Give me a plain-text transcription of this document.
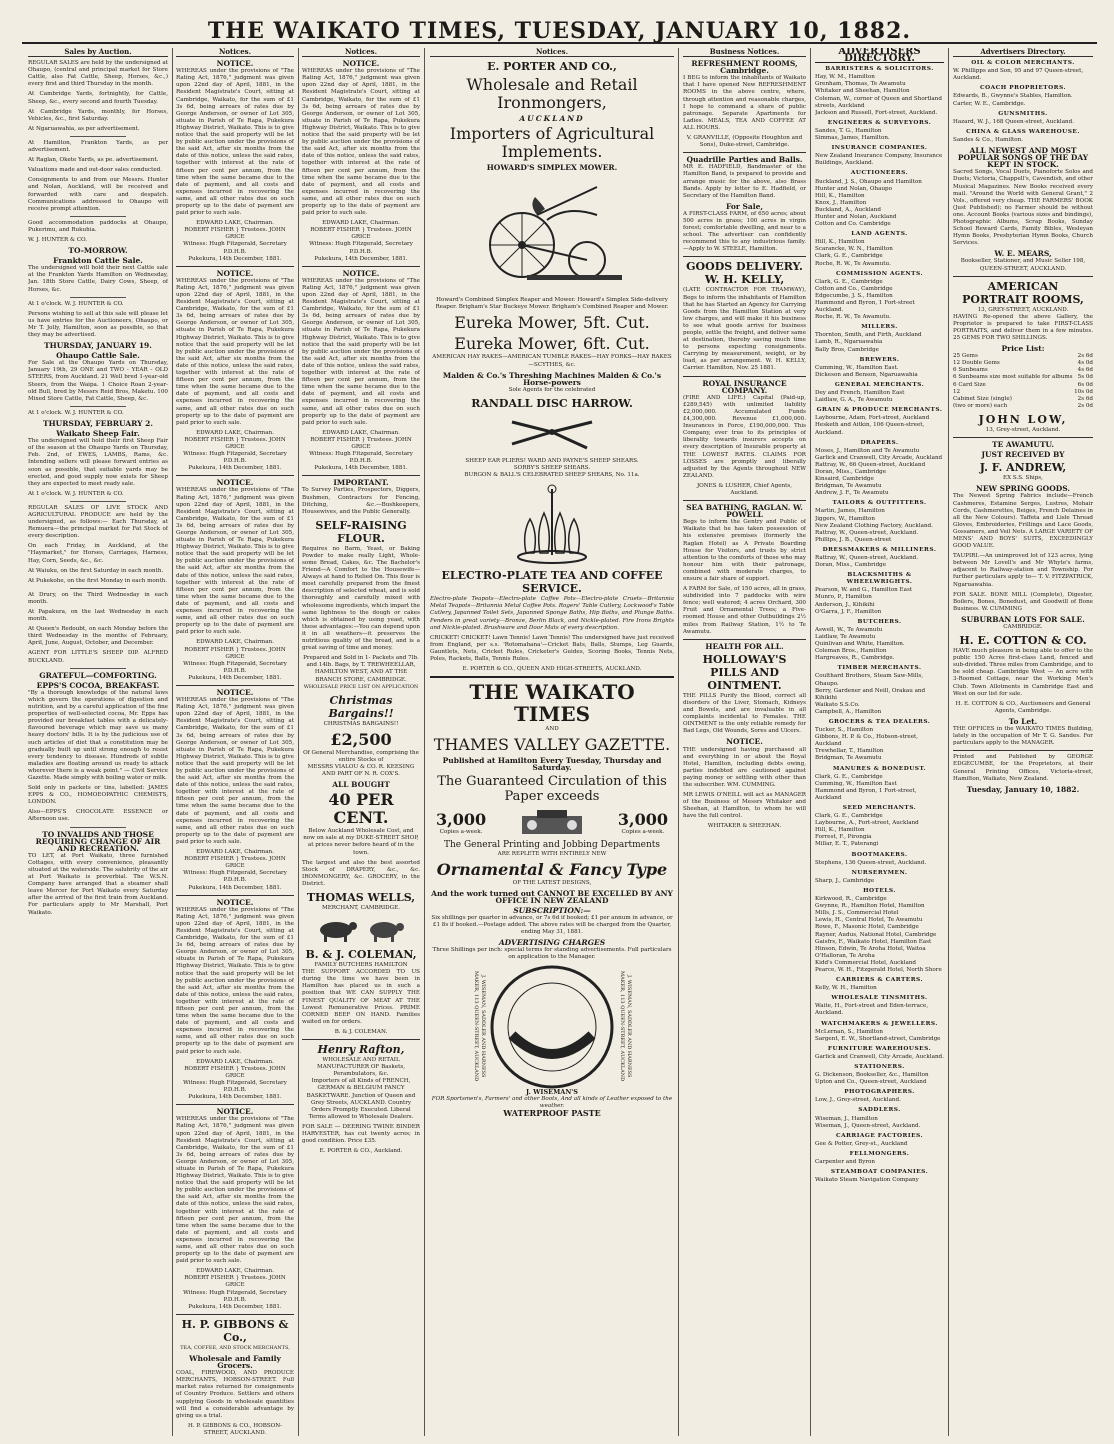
THE WAIKATO TIMES, TUESDAY, JANUARY 10, 1882.
Sales by Auction.
REGULAR SALES are held by the undersigned at Ohaupo, (central and principal market for Store Cattle, also Fat Cattle, Sheep, Horses, &c.,) every first and third Thursday in the month.
At Cambridge Yards, fortnightly, for Cattle, Sheep, &c., every second and fourth Tuesday.
At Cambridge Yards, monthly, for Horses, Vehicles, &c., first Saturday.
At Ngaruawahia, as per advertisement.
At Hamilton, Frankton Yards, as per advertisement.
At Raglan, Okete Yards, as pe. advertisement.
Valuations made and out-door sales conducted.
Consignments to and from our Messrs. Hunter and Nolan, Auckland, will be received and forwarded with care and despatch. Communications addressed to Ohaupo will receive prompt attention.
Good accommodation paddocks at Ohaupo, Pukerimu, and Rukuhia.
W. J. HUNTER & CO.
TO-MORROW.
Frankton Cattle Sale.
The undersigned will hold their next Cattle sale at the Frankton Yards Hamilton on Wednesday, Jan. 18th Store Cattle, Dairy Cows, Sheep, of Horses, &c.
At 1 o'clock. W. J. HUNTER & CO.
Persons wishing to sell at this sale will please let us have entries for the Auctioneers, Ohaupo, or Mr T. Jolly, Hamilton, soon as possible, so that they may be advertised.
THURSDAY, JANUARY 19.
Ohaupo Cattle Sale.
For Sale at the Ohaupo Yards on Thursday, January 19th, 29 ONE and TWO - YEAR - OLD STEERS, from Auckland. 21 Well bred 1-year-old Steers, from the Waipa. 1 Choice Roan 2-year-old Bull, bred by Messrs Reid Bros, Maketu. 100 Mixed Store Cattle, Fat Cattle, Sheep, &c.
At 1 o'clock. W. J. HUNTER & CO.
THURSDAY, FEBRUARY 2.
Waikato Sheep Fair.
The undersigned will hold their first Sheep Fair of the season at the Ohaupo Yards on Thursday, Feb. 2nd, of EWES, LAMBS, Rams, &c. Intending sellers will please forward entries as soon as possible, that suitable yards may be erected, and good supply now exists for Sheep they are expected to meet ready sale.
At 1 o'clock. W. J. HUNTER & CO.
REGULAR SALES OF LIVE STOCK AND AGRICULTURAL PRODUCE are held by the undersigned, as follows:— Each Thursday, at Remuera—the principal market for Fat Stock of every description.
On each Friday, in Auckland, at the "Haymarket," for Horses, Carriages, Harness, Hay, Corn, Seeds, &c., &c.
At Waiuku, on the first Saturday in each month.
At Pukekohe, on the first Monday in each month.
At Drury, on the Third Wednesday in each month.
At Papakura, on the last Wednesday in each month.
At Queen's Redoubt, on each Monday before the third Wednesday in the months of February, April, June, August, October, and December.
AGENT FOR LITTLE'S SHEEP DIP. ALFRED BUCKLAND.
GRATEFUL—COMFORTING.
EPPS'S COCOA, BREAKFAST.
"By a thorough knowledge of the natural laws which govern the operations of digestion and nutrition, and by a careful application of the fine properties of well-selected cocoa, Mr. Epps has provided our breakfast tables with a delicately-flavoured beverage which may save us many heavy doctors' bills. It is by the judicious use of such articles of diet that a constitution may be gradually built up until strong enough to resist every tendency to disease. Hundreds of subtle maladies are floating around us ready to attack wherever there is a weak point." — Civil Service Gazette. Made simply with boiling water or milk.
Sold only in packets or tins, labelled: JAMES EPPS & CO., HOMOEOPATHIC CHEMISTS, LONDON.
Also—EPPS'S CHOCOLATE ESSENCE or Afternoon use.
TO INVALIDS AND THOSE REQUIRING CHANGE OF AIR AND RECREATION.
TO LET, at Port Waikato, three furnished Cottages, with every convenience, pleasantly situated at the waterside. The salubrity of the air at Port Waikato is proverbial. The W.S.N. Company have arranged that a steamer shall leave Mercer for Port Waikato every Saturday after the arrival of the first train from Auckland. For particulars apply to Mr Marshall, Port Waikato.
Notices.
NOTICE.
WHEREAS under the provisions of "The Rating Act, 1876," judgment was given upon 22nd day of April, 1881, in the Resident Magistrate's Court, sitting at Cambridge, Waikato, for the sum of £1 3s 6d, being arrears of rates due by George Anderson, or owner of Lot 305, situate in Parish of Te Rapa, Pukekura Highway District, Waikato. This is to give notice that the said property will be let by public auction under the provisions of the said Act, after six months from the date of this notice, unless the said rates, together with interest at the rate of fifteen per cent per annum, from the time when the same became due to the date of payment, and all costs and expenses incurred in recovering the same, and all other rates due on such property up to the date of payment are paid prior to such sale.
EDWARD LAKE, Chairman.
ROBERT FISHER } Trustees. JOHN GRICE
Witness: Hugh Fitzgerald, Secretary P.D.H.B.
Pukekura, 14th December, 1881.
NOTICE.
WHEREAS under the provisions of "The Rating Act, 1876," judgment was given upon 22nd day of April, 1881, in the Resident Magistrate's Court, sitting at Cambridge, Waikato, for the sum of £1 3s 6d, being arrears of rates due by George Anderson, or owner of Lot 305, situate in Parish of Te Rapa, Pukekura Highway District, Waikato. This is to give notice that the said property will be let by public auction under the provisions of the said Act, after six months from the date of this notice, unless the said rates, together with interest at the rate of fifteen per cent per annum, from the time when the same became due to the date of payment, and all costs and expenses incurred in recovering the same, and all other rates due on such property up to the date of payment are paid prior to such sale.
EDWARD LAKE, Chairman.
ROBERT FISHER } Trustees. JOHN GRICE
Witness: Hugh Fitzgerald, Secretary P.D.H.B.
Pukekura, 14th December, 1881.
NOTICE.
WHEREAS under the provisions of "The Rating Act, 1876," judgment was given upon 22nd day of April, 1881, in the Resident Magistrate's Court, sitting at Cambridge, Waikato, for the sum of £1 3s 6d, being arrears of rates due by George Anderson, or owner of Lot 305, situate in Parish of Te Rapa, Pukekura Highway District, Waikato. This is to give notice that the said property will be let by public auction under the provisions of the said Act, after six months from the date of this notice, unless the said rates, together with interest at the rate of fifteen per cent per annum, from the time when the same became due to the date of payment, and all costs and expenses incurred in recovering the same, and all other rates due on such property up to the date of payment are paid prior to such sale.
EDWARD LAKE, Chairman.
ROBERT FISHER } Trustees. JOHN GRICE
Witness: Hugh Fitzgerald, Secretary P.D.H.B.
Pukekura, 14th December, 1881.
NOTICE.
WHEREAS under the provisions of "The Rating Act, 1876," judgment was given upon 22nd day of April, 1881, in the Resident Magistrate's Court, sitting at Cambridge, Waikato, for the sum of £1 3s 6d, being arrears of rates due by George Anderson, or owner of Lot 305, situate in Parish of Te Rapa, Pukekura Highway District, Waikato. This is to give notice that the said property will be let by public auction under the provisions of the said Act, after six months from the date of this notice, unless the said rates, together with interest at the rate of fifteen per cent per annum, from the time when the same became due to the date of payment, and all costs and expenses incurred in recovering the same, and all other rates due on such property up to the date of payment are paid prior to such sale.
EDWARD LAKE, Chairman.
ROBERT FISHER } Trustees. JOHN GRICE
Witness: Hugh Fitzgerald, Secretary P.D.H.B.
Pukekura, 14th December, 1881.
NOTICE.
WHEREAS under the provisions of "The Rating Act, 1876," judgment was given upon 22nd day of April, 1881, in the Resident Magistrate's Court, sitting at Cambridge, Waikato, for the sum of £1 3s 6d, being arrears of rates due by George Anderson, or owner of Lot 305, situate in Parish of Te Rapa, Pukekura Highway District, Waikato. This is to give notice that the said property will be let by public auction under the provisions of the said Act, after six months from the date of this notice, unless the said rates, together with interest at the rate of fifteen per cent per annum, from the time when the same became due to the date of payment, and all costs and expenses incurred in recovering the same, and all other rates due on such property up to the date of payment are paid prior to such sale.
EDWARD LAKE, Chairman.
ROBERT FISHER } Trustees. JOHN GRICE
Witness: Hugh Fitzgerald, Secretary P.D.H.B.
Pukekura, 14th December, 1881.
NOTICE.
WHEREAS under the provisions of "The Rating Act, 1876," judgment was given upon 22nd day of April, 1881, in the Resident Magistrate's Court, sitting at Cambridge, Waikato, for the sum of £1 3s 6d, being arrears of rates due by George Anderson, or owner of Lot 305, situate in Parish of Te Rapa, Pukekura Highway District, Waikato. This is to give notice that the said property will be let by public auction under the provisions of the said Act, after six months from the date of this notice, unless the said rates, together with interest at the rate of fifteen per cent per annum, from the time when the same became due to the date of payment, and all costs and expenses incurred in recovering the same, and all other rates due on such property up to the date of payment are paid prior to such sale.
EDWARD LAKE, Chairman.
ROBERT FISHER } Trustees. JOHN GRICE
Witness: Hugh Fitzgerald, Secretary P.D.H.B.
Pukekura, 14th December, 1881.
H. P. GIBBONS & Co.,
TEA, COFFEE, AND STOCK MERCHANTS,
Wholesale and Family Grocers.
COAL, FIREWOOD, AND PRODUCE MERCHANTS, HOBSON-STREET. Full market rates returned for consignments of Country Produce. Settlers and others supplying Goods in wholesale quantities will find a considerable advantage by giving us a trial.
H. P. GIBBONS & CO., HOBSON-STREET, AUCKLAND.
Notices.
NOTICE.
WHEREAS under the provisions of "The Rating Act, 1876," judgment was given upon 22nd day of April, 1881, in the Resident Magistrate's Court, sitting at Cambridge, Waikato, for the sum of £1 3s 6d, being arrears of rates due by George Anderson, or owner of Lot 305, situate in Parish of Te Rapa, Pukekura Highway District, Waikato. This is to give notice that the said property will be let by public auction under the provisions of the said Act, after six months from the date of this notice, unless the said rates, together with interest at the rate of fifteen per cent per annum, from the time when the same became due to the date of payment, and all costs and expenses incurred in recovering the same, and all other rates due on such property up to the date of payment are paid prior to such sale.
EDWARD LAKE, Chairman.
ROBERT FISHER } Trustees. JOHN GRICE
Witness: Hugh Fitzgerald, Secretary P.D.H.B.
Pukekura, 14th December, 1881.
NOTICE.
WHEREAS under the provisions of "The Rating Act, 1876," judgment was given upon 22nd day of April, 1881, in the Resident Magistrate's Court, sitting at Cambridge, Waikato, for the sum of £1 3s 6d, being arrears of rates due by George Anderson, or owner of Lot 305, situate in Parish of Te Rapa, Pukekura Highway District, Waikato. This is to give notice that the said property will be let by public auction under the provisions of the said Act, after six months from the date of this notice, unless the said rates, together with interest at the rate of fifteen per cent per annum, from the time when the same became due to the date of payment, and all costs and expenses incurred in recovering the same, and all other rates due on such property up to the date of payment are paid prior to such sale.
EDWARD LAKE, Chairman.
ROBERT FISHER } Trustees. JOHN GRICE
Witness: Hugh Fitzgerald, Secretary P.D.H.B.
Pukekura, 14th December, 1881.
IMPORTANT.
To Survey Parties, Prospectors, Diggers, Bushmen, Contractors for Fencing, Ditching, &c.—Bushkeepers, Housewives, and the Public Generally.
SELF-RAISING FLOUR.
Requires no Barm, Yeast, or Baking Powder to make really Light, Whole-some Bread, Cakes, &c. The Bachelor's Friend—A Comfort to the Housewife—Always at hand to Relied On. This flour is most carefully prepared from the finest description of selected wheat, and is sold thoroughly and carefully mixed with wholesome ingredients, which impart the same lightness to the dough or cakes which is obtained by using yeast, with these advantages:—You can depend upon it in all weathers—it preserves the nutritious quality of the bread, and is a great saving of time and money.
Prepared and Sold in 1- Packets and 7lb. and 14lb. Bags, by T. TREWHEELLAR, HAMILTON WEST, AND AT THE BRANCH STORE, CAMBRIDGE.
WHOLESALE PRICE LIST ON APPLICATION
Christmas Bargains!!
CHRISTMAS BARGAINS!!
£2,500
Of General Merchandise, comprising the entire Stocks of
MESSRS VIALOU & CO. R. KEESING AND PART OF N. R. COX'S.
ALL BOUGHT
40 PER CENT.
Below Auckland Wholesale Cost, and now on sale at my DUKE-STREET SHOP, at prices never before heard of in the town.
The largest and also the best assorted Stock of DRAPERY, &c., &c. IRONMONGERY, &c. GROCERY, in the District.
THOMAS WELLS,
MERCHANT, CAMBRIDGE.
B. & J. COLEMAN,
FAMILY BUTCHERS HAMILTON
THE SUPPORT ACCORDED TO US during the time we have been in Hamilton has placed us in such a position that WE CAN SUPPLY THE FINEST QUALITY OF MEAT AT THE Lowest Remunerative Prices. PRIME CORNED BEEF ON HAND. Families waited on for orders.
B. & J. COLEMAN.
Henry Rafton,
WHOLESALE AND RETAIL MANUFACTURER OF Baskets, Perambulators, &c.
Importers of all Kinds of FRENCH, GERMAN & BELGIUM FANCY BASKETWARE. Junction of Queen and Grey Streets, AUCKLAND. Country Orders Promptly Executed. Liberal Terms allowed to Wholesale Dealers.
FOR SALE — DEERING TWINE BINDER HARVESTER, has cut twenty acres; in good condition. Price £35.
E. PORTER & CO., Auckland.
Notices.
E. PORTER AND CO.,
Wholesale and Retail Ironmongers,
AUCKLAND
Importers of Agricultural Implements.
HOWARD'S SIMPLEX MOWER.
Howard's Combined Simplex Reaper and Mower. Howard's Simplex Side-delivery Reaper. Brigham's Star Buckeye Mower. Brigham's Combined Reaper and Mower.
Eureka Mower, 5ft. Cut.
Eureka Mower, 6ft. Cut.
AMERICAN HAY RAKES—AMERICAN TUMBLE RAKES—HAY FORKS—HAY RAKES—SCYTHES, &c.
Malden & Co.'s Threshing Machines Malden & Co.'s Horse-powers
Sole Agents for the celebrated
RANDALL DISC HARROW.
SHEEP EAR PLIERS! WARD AND PAYNE'S SHEEP SHEARS.
SORBY'S SHEEP SHEARS.
BURGON & BALL'S CELEBRATED SHEEP SHEARS, No. 11a.
ELECTRO-PLATE TEA AND COFFEE SERVICE.
Electro-plate Teapots—Electro-plate Coffee Pots—Electro-plate Cruets—Britannia Metal Teapots—Britannia Metal Coffee Pots. Rogers' Table Cutlery, Lockwood's Table Cutlery, Japanned Toilet Sets, Japanned Sponge Baths, Hip Baths, and Plunge Baths. Fenders in great variety—Bronze, Berlin Black, and Nickle-plated. Fire Irons Brights and Nickle-plated. Brushware and Door Mats of every description.
CRICKET! CRICKET! Lawn Tennis! Lawn Tennis! The undersigned have just received from England, per s.s. 'Rotomahana'—Cricket Bats, Balls, Stumps, Leg Guards, Gauntlets, Nets, Cricket Rules, Cricketer's Guides, Scoring Books, Tennis Nets, Poles, Rackets, Balls, Tennis Rules.
E. PORTER & CO., QUEEN AND HIGH-STREETS, AUCKLAND.
THE WAIKATO TIMES
AND
THAMES VALLEY GAZETTE.
Published at Hamilton Every Tuesday, Thursday and Saturday.
The Guaranteed Circulation of this Paper exceeds
3,000
Copies a-week.
3,000
Copies a-week.
The General Printing and Jobbing Departments
ARE REPLETE WITH ENTIRELY NEW
Ornamental & Fancy Type
OF THE LATEST DESIGNS,
And the work turned out CANNOT BE EXCELLED BY ANY OFFICE IN NEW ZEALAND
SUBSCRIPTION:—
Six shillings per quarter in advance, or 7s 6d if booked; £1 per annum in advance, or £1 8s if booked.—Postage added. The above rates will be charged from the Quarter, ending May 31, 1881.
ADVERTISING CHARGES
Three Shillings per inch: special terms for standing advertisements. Full particulars on application to the Manager.
J. WISEMAN, SADDLER AND HARNESS MAKER, 113 QUEEN-STREET, AUCKLAND	J. WISEMAN, SADDLER AND HARNESS MAKER, 113 QUEEN-STREET, AUCKLAND
J. WISEMAN'S
FOR Sportsmen's, Farmers' and other Boots, And all kinds of Leather exposed to the weather.
WATERPROOF PASTE
Business Notices.
REFRESHMENT ROOMS, Cambridge.
I BEG to inform the inhabitants of Waikato that I have opened New REFRESHMENT ROOMS in the above centre, where, through attention and reasonable charges, I hope to command a share of public patronage. Separate Apartments for Ladies. MEALS, TEA AND COFFEE AT ALL HOURS.
V. GRANVILLE, (Opposite Houghton and Sons), Duke-street, Cambridge.
Quadrille Parties and Balls.
MR E. HADFIELD, Bandmaster of the Hamilton Band, is prepared to provide and arrange music for the above, also Brass Bands. Apply by letter to E. Hadfield, or Secretary of the Hamilton Band.
For Sale,
A FIRST-CLASS FARM, of 650 acres; about 500 acres in grass; 100 acres in virgin forest; comfortable dwelling, and near to a school. The advertiser can confidently recommend this to any industrious family.—Apply to W. STEELE, Hamilton.
GOODS DELIVERY. W. H. KELLY,
(LATE CONTRACTOR FOR TRAMWAY), Begs to inform the inhabitants of Hamilton that he has Started an Agency for Carrying Goods from the Hamilton Station at very low charges, and will make it his business to see what goods arrive for business people, settle the freight, and deliver same at destination, thereby saving much time to persons expecting consignments. Carrying by measurement, weight, or by load, as per arrangement. W. H. KELLY, Carrier. Hamilton, Nov. 25 1881.
ROYAL INSURANCE COMPANY.
(FIRE AND LIFE.) Capital (Paid-up, £289,545) with unlimited liability £2,000,000. Accumulated Funds £4,300,000. Revenue £1,000,000. Insurances in Force, £190,000,000. This Company, ever true to its principles of liberality towards insurers accepts on every description of Insurable property at THE LOWEST RATES. CLAIMS FOR LOSSES are promptly and liberally adjusted by the Agents throughout NEW ZEALAND.
JONES & LUSHER, Chief Agents, Auckland.
SEA BATHING, RAGLAN. W. POWELL
Begs to inform the Gentry and Public of Waikato that he has taken possession of his extensive premises (formerly the Raglan Hotel) as A Private Boarding House for Visitors, and trusts by strict attention to the comforts of those who may honour him with their patronage, combined with moderate charges, to ensure a fair share of support.
A FARM for Sale, of 150 acres, all in grass, subdivided into 7 paddocks with wire fence; well watered; 4 acres Orchard, 300 Fruit and Ornamental Trees; a Five-roomed House and other Outbuildings 2½ miles from Railway Station, 1½ to Te Awamutu.
HEALTH FOR ALL.
HOLLOWAY'S PILLS AND OINTMENT.
THE PILLS Purify the Blood, correct all disorders of the Liver, Stomach, Kidneys and Bowels, and are invaluable in all complaints incidental to Females. THE OINTMENT is the only reliable remedy for Bad Legs, Old Wounds, Sores and Ulcers.
NOTICE.
THE undersigned having purchased all and everything in or about the Royal Hotel, Hamilton, including debts owing, parties indebted are cautioned against paying money or settling with other than the subscriber. WM. CUMMING.
MR LEWIS O'NEILL will act as MANAGER of the Business of Messrs Whitaker and Sheehan, at Hamilton, to whom he will have the full control.
WHITAKER & SHEEHAN.
ADVERTISERS DIRECTORY.
BARRISTERS & SOLICITORS.
Hay, W. M., Hamilton
Grenham, Thomas, Te Awamutu
Whitaker and Sheehan, Hamilton
Coleman, W., corner of Queen and Shortland streets, Auckland
Jackson and Russell, Fort-street, Auckland.
ENGINEERS & SURVEYORS.
Sandes, T. G., Hamilton
Simmas, James, Hamilton.
INSURANCE COMPANIES.
New Zealand Insurance Company, Insurance Buildings, Auckland.
AUCTIONEERS.
Buckland, J. S., Ohaupo and Hamilton
Hunter and Nolan, Ohaupo
Hill, K., Hamilton
Knox, J., Hamilton
Buckland, A., Auckland
Hunter and Nolan, Auckland
Cotton and Co. Cambridge
LAND AGENTS.
Hill, K., Hamilton
Scarancke, W. N., Hamilton
Clark, G. E., Cambridge
Roche, R. W., Te Awamutu.
COMMISSION AGENTS.
Clark, G. E., Cambridge
Cotton and Co., Cambridge
Edgecumbe, J. S., Hamilton
Hammond and Byron, 1 Fort-street Auckland.
Roche, R. W., Te Awamutu.
MILLERS.
Thornton, Smith, and Firth, Auckland
Lamb, R., Ngaruawahia
Bally Bros, Cambridge
BREWERS.
Cumming, W., Hamilton East.
Dickeson and Benson, Ngaruawahia
GENERAL MERCHANTS.
Dey and French, Hamilton East
Laidlaw, G. A., Te Awamutu
GRAIN & PRODUCE MERCHANTS.
Laybourne, Adam, Fort-street, Auckland
Hesketh and Aitkin, 106 Queen-street, Auckland.
DRAPERS.
Moses, J., Hamilton and Te Awamutu
Garlick and Cranwell, City Arcade, Auckland
Rattray, W., 66 Queen-street, Auckland
Doran, Miss., Cambridge
Kinsaird, Cambridge
Bridgman, Te Awamutu
Andrew, J. F., Te Awamutu
TAILORS & OUTFITTERS.
Martin, James, Hamilton
Jiggers, W., Hamilton
New Zealand Clothing Factory, Auckland.
Rattray, W., Queen-street, Auckland.
Phillips, J. B., Queen-street
DRESSMAKERS & MILLINERS.
Rattray, W., Queen-street, Auckland.
Doran, Miss., Cambridge
BLACKSMITHS & WHEELWRIGHTS.
Pearson, W. and G., Hamilton East
Munro, P., Hamilton
Anderson, J., Kihikihi
O'Garra, J. F., Hamilton
BUTCHERS.
Aswell, W., Te Awamutu
Laidlaw, Te Awamutu
Quinlivan and White, Hamilton.
Coleman Bros., Hamilton
Hargreaves, R., Cambridge.
TIMBER MERCHANTS.
Coulthard Brothers, Steam Saw-Mills, Ohaupo.
Berry, Gardener and Neill, Orakau and Kihikihi
Waikato S.S.Co.
Campbell, A., Hamilton
GROCERS & TEA DEALERS.
Tucker, S., Hamilton
Gibbons, H. P. & Co., Hobson-street, Auckland
Trewhellar, T., Hamilton
Bridgman, Te Awamutu
MANURES & BONEDUST.
Clark, G. E., Cambridge
Cumming, W., Hamilton East
Hammond and Byron, 1 Fort-street, Auckland
SEED MERCHANTS.
Clark, G. E., Cambridge
Laybourne, A., Fort-street, Auckland
Hill, K., Hamilton
Forrest, F., Pirongia
Millar, E. T., Paterangi
BOOTMAKERS.
Stephens, 136 Queen-street, Auckland.
NURSERYMEN.
Sharp, J., Cambridge
HOTELS.
Kirkwood, R., Cambridge
Gwynne, R., Hamilton Hotel, Hamilton
Mills, J. S., Commercial Hotel
Lewis, H., Central Hotel, Te Awamutu
Rowe, F., Masonic Hotel, Cambridge
Rayner, Audus, National Hotel, Cambridge
Gaisfrs, F., Waikato Hotel, Hamilton East
Hinson, Edwin, Te Aroha Hotel, Waitoa
O'Halloran, Te Aroha
Kidd's Commercial Hotel, Auckland
Pearce, W. H., Fitzgerald Hotel, North Shore
CARRIERS & CARTERS.
Kelly, W. H., Hamilton
WHOLESALE TINSMITHS.
Waite, H., Fort-street and Eden-terrace, Auckland.
WATCHMAKERS & JEWELLERS.
McLernan, S., Hamilton
Sargent, E. W., Shortland-street, Cambridge
FURNITURE WAREHOUSES.
Garlick and Cranwell, City Arcade, Auckland.
STATIONERS.
G. Dickenson, Bookseller, &c., Hamilton
Upton and Co., Queen-street, Auckland
PHOTOGRAPHERS.
Low, J., Grey-street, Auckland.
SADDLERS.
Wiseman, J., Hamilton
Wiseman, J., Queen-street, Auckland.
CARRIAGE FACTORIES.
Gee & Potter, Grey-st., Auckland
FELLMONGERS.
Carpenter and Byron
STEAMBOAT COMPANIES.
Waikato Steam Navigation Company
Advertisers Directory.
OIL & COLOR MERCHANTS.
W. Phillipps and Son, 95 and 97 Queen-street, Auckland.
COACH PROPRIETORS.
Edwards, B., Gwynne's Stables, Hamilton.
Carter, W. E., Cambridge.
GUNSMITHS.
Hazard, W. J., 168 Queen-street, Auckland.
CHINA & GLASS WAREHOUSE.
Sandes & Co., Hamilton.
ALL NEWEST AND MOST POPULAR SONGS OF THE DAY KEPT IN STOCK.
Sacred Songs, Vocal Duets, Pianoforte Solos and Duets; Victoria, Chappell's, Cavendish, and other Musical Magazines. New Books received every mail. "Around the World with General Grant," 2 Vols., offered very cheap. THE FARMERS' BOOK (Just Published); no Farmer should be without one. Account Books (various sizes and bindings), Photographic Albums, Scrap Books, Sunday School Reward Cards, Family Bibles, Wesleyan Hymn Books, Presbyterian Hymn Books, Church Services.
W. E. MEARS,
Bookseller, Stationer, and Music Seller 198, QUEEN-STREET, AUCKLAND.
AMERICAN PORTRAIT ROOMS,
13, GREY-STREET, AUCKLAND.
HAVING Re-opened the above Gallery, the Proprietor is prepared to take FIRST-CLASS PORTRAITS, and deliver them in a few minutes. 25 GEMS FOR TWO SHILLINGS.
Price List:
25 Gems	2s 6d
12 Double Gems	4s 0d
6 Sunbeams	4s 6d
6 Sunbeams size most suitable for albums 5s 0d
6 Card Size	6s 0d
12	10s 0d
Cabinet Size (single)	2s 6d
(two or more) each	2s 0d
JOHN LOW,
13, Grey-street, Auckland.
TE AWAMUTU.
JUST RECEIVED BY
J. F. ANDREW,
EX S.S. Ships,
NEW SPRING GOODS.
The Newest Spring Fabrics include—French Cashmeres, Estamine Serges, Lustres, Mohair Cords, Cashmerettes, Beiges, French Delaines in all the New Colours). Taffeta and Lisle Thread Gloves, Embroideries, Frillings and Lace Goods, Gossamers, and Veil Nets. A LARGE VARIETY OF MENS' AND BOYS' SUITS, EXCEEDINGLY GOOD VALUE.
TAUPIRI.—An unimproved lot of 123 acres, lying between Mr Lovell's and Mr Whyte's farms, adjacent to Railway-station and Township. For further particulars apply to— T. V. FITZPATRICK, Ngaruawahia.
FOR SALE. BONE MILL (Complete), Digester, Boilers, Bones, Bonedust, and Goodwill of Bone Business. W. CUMMING
SUBURBAN LOTS FOR SALE.
CAMBRIDGE.
H. E. COTTON & CO.
HAVE much pleasure in being able to offer to the public 150 Acres first-class Land, fenced and sub-divided. Three miles from Cambridge, and to be sold cheap. Cambridge West — An acre with 3-Roomed Cottage, near the Working Men's Club. Town Allotments in Cambridge East and West on our list for sale.
H. E. COTTON & CO., Auctioneers and General Agents, Cambridge.
To Let.
THE OFFICES in the WAIKATO TIMES Building, lately in the occupation of Mr T. G. Sandes. For particulars apply to the MANAGER.
Printed and Published by GEORGE EDGECUMBE, for the Proprietors, at their General Printing Offices, Victoria-street, Hamilton, Waikato, New Zealand.
Tuesday, January 10, 1882.
